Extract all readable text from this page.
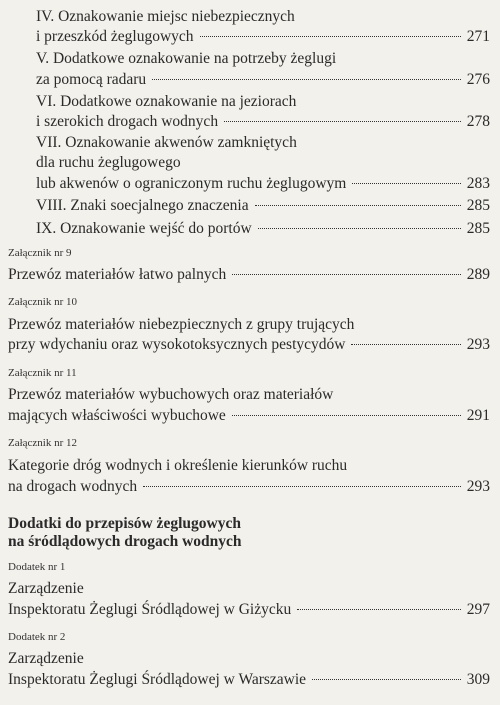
IV. Oznakowanie miejsc niebezpiecznych
i przeszkód żeglugowych	271
V. Dodatkowe oznakowanie na potrzeby żeglugi
za pomocą radaru	276
VI. Dodatkowe oznakowanie na jeziorach
i szerokich drogach wodnych	278
VII. Oznakowanie akwenów zamkniętych
dla ruchu żeglugowego
lub akwenów o ograniczonym ruchu żeglugowym	283
VIII. Znaki soecjalnego znaczenia	285
IX. Oznakowanie wejść do portów	285
Załącznik nr 9
Przewóz materiałów łatwo palnych	289
Załącznik nr 10
Przewóz materiałów niebezpiecznych z grupy trujących
przy wdychaniu oraz wysokotoksycznych pestycydów	293
Załącznik nr 11
Przewóz materiałów wybuchowych oraz materiałów
mających właściwości wybuchowe	291
Załącznik nr 12
Kategorie dróg wodnych i określenie kierunków ruchu
na drogach wodnych	293
Dodatki do przepisów żeglugowych
na śródlądowych drogach wodnych
Dodatek nr 1
Zarządzenie
Inspektoratu Żeglugi Śródlądowej w Giżycku	297
Dodatek nr 2
Zarządzenie
Inspektoratu Żeglugi Śródlądowej w Warszawie	309
